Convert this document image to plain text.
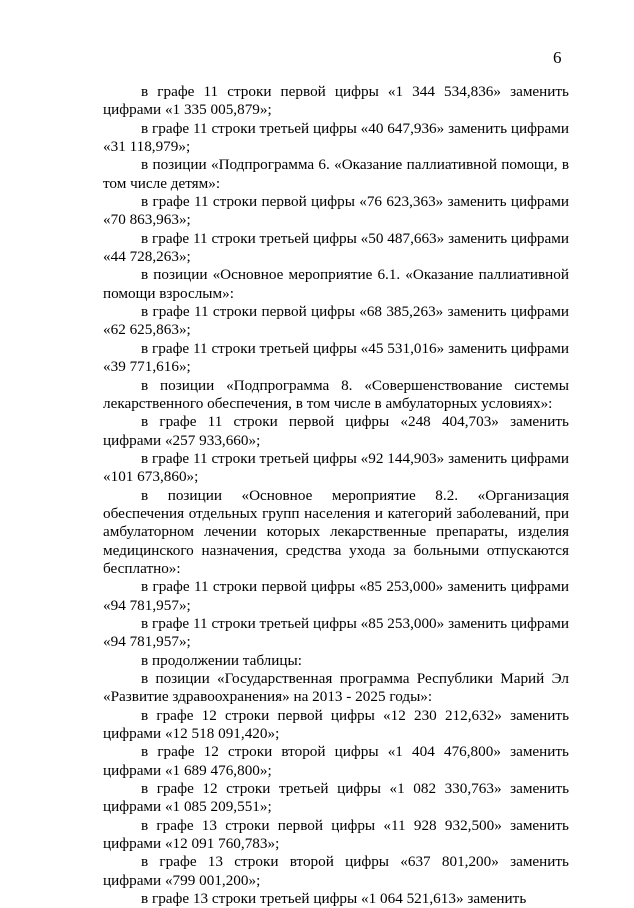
6

в графе 11 строки первой цифры «1 344 534,836» заменить цифрами «1 335 005,879»;

в графе 11 строки третьей цифры «40 647,936» заменить цифрами «31 118,979»;

в позиции «Подпрограмма 6. «Оказание паллиативной помощи, в том числе детям»:

в графе 11 строки первой цифры «76 623,363» заменить цифрами «70 863,963»;

в графе 11 строки третьей цифры «50 487,663» заменить цифрами «44 728,263»;

в позиции «Основное мероприятие 6.1. «Оказание паллиативной помощи взрослым»:

в графе 11 строки первой цифры «68 385,263» заменить цифрами «62 625,863»;

в графе 11 строки третьей цифры «45 531,016» заменить цифрами «39 771,616»;

в позиции «Подпрограмма 8. «Совершенствование системы лекарственного обеспечения, в том числе в амбулаторных условиях»:

в графе 11 строки первой цифры «248 404,703» заменить цифрами «257 933,660»;

в графе 11 строки третьей цифры «92 144,903» заменить цифрами «101 673,860»;

в позиции «Основное мероприятие 8.2. «Организация обеспечения отдельных групп населения и категорий заболеваний, при амбулаторном лечении которых лекарственные препараты, изделия медицинского назначения, средства ухода за больными отпускаются бесплатно»:

в графе 11 строки первой цифры «85 253,000» заменить цифрами «94 781,957»;

в графе 11 строки третьей цифры «85 253,000» заменить цифрами «94 781,957»;

в продолжении таблицы:

в позиции «Государственная программа Республики Марий Эл «Развитие здравоохранения» на 2013 - 2025 годы»:

в графе 12 строки первой цифры «12 230 212,632» заменить цифрами «12 518 091,420»;

в графе 12 строки второй цифры «1 404 476,800» заменить цифрами «1 689 476,800»;

в графе 12 строки третьей цифры «1 082 330,763» заменить цифрами «1 085 209,551»;

в графе 13 строки первой цифры «11 928 932,500» заменить цифрами «12 091 760,783»;

в графе 13 строки второй цифры «637 801,200» заменить цифрами «799 001,200»;

в графе 13 строки третьей цифры «1 064 521,613» заменить
